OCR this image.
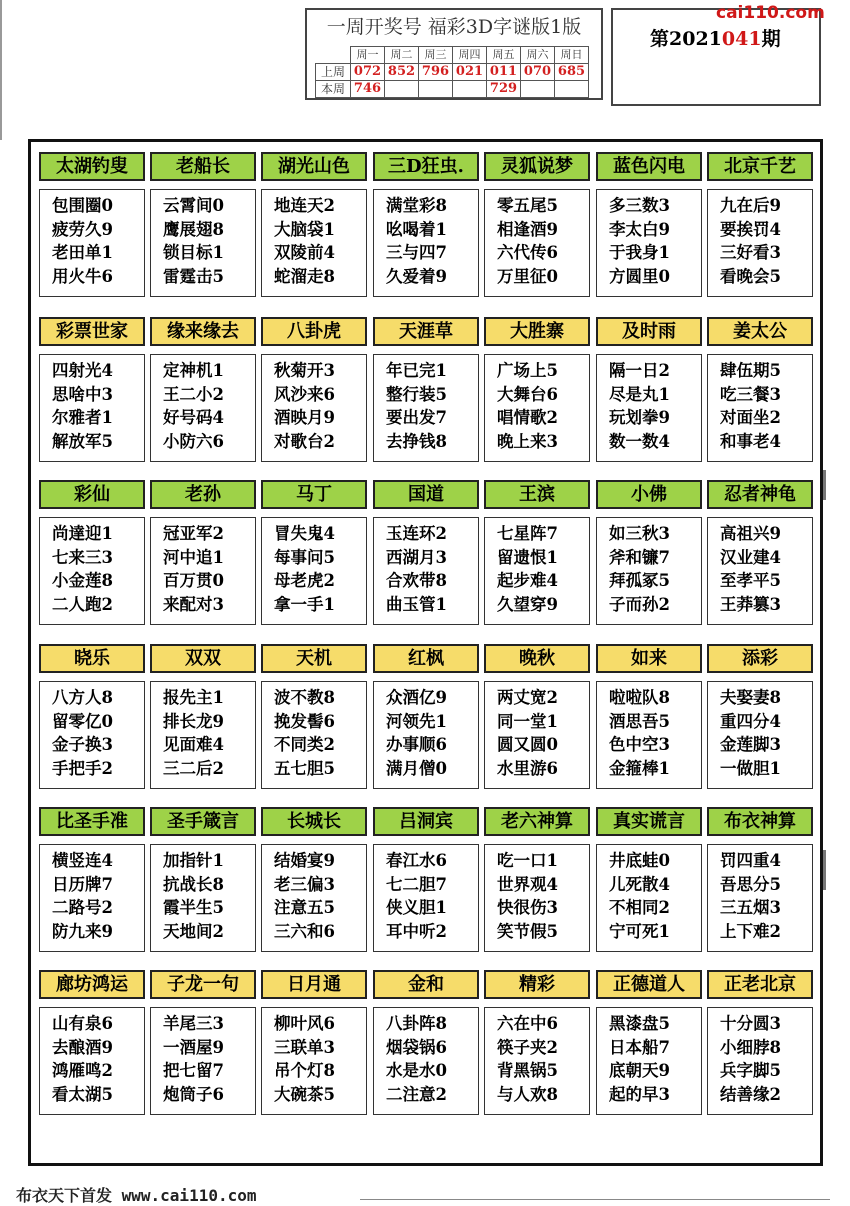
一周开奖号 福彩3D字谜版1版
	周一	周二	周三	周四	周五	周六	周日
上周	072	852	796	021	011	070	685
本周	746				729		
第2021041期
cai110.com
太湖钓叟
包围圈0
疲劳久9
老田单1
用火牛6
老船长
云霄间0
鹰展翅8
锁目标1
雷霆击5
湖光山色
地连天2
大脑袋1
双陵前4
蛇溜走8
三D狂虫.
满堂彩8
吆喝着1
三与四7
久爱着9
灵狐说梦
零五尾5
相逢酒9
六代传6
万里征0
蓝色闪电
多三数3
李太白9
于我身1
方圆里0
北京千艺
九在后9
要挨罚4
三好看3
看晚会5
彩票世家
四射光4
思啥中3
尔雅者1
解放军5
缘来缘去
定神机1
王二小2
好号码4
小防六6
八卦虎
秋菊开3
风沙来6
酒映月9
对歌台2
天涯草
年已完1
整行装5
要出发7
去挣钱8
大胜寨
广场上5
大舞台6
唱情歌2
晚上来3
及时雨
隔一日2
尽是丸1
玩划拳9
数一数4
姜太公
肆伍期5
吃三餐3
对面坐2
和事老4
彩仙
尚達迎1
七来三3
小金莲8
二人跑2
老孙
冠亚军2
河中追1
百万贯0
来配对3
马丁
冒失鬼4
每事问5
母老虎2
拿一手1
国道
玉连环2
西湖月3
合欢带8
曲玉管1
王滨
七星阵7
留遗恨1
起步难4
久望穿9
小佛
如三秋3
斧和镰7
拜孤冢5
子而孙2
忍者神龟
高祖兴9
汉业建4
至孝平5
王莽篡3
晓乐
八方人8
留零亿0
金子换3
手把手2
双双
报先主1
排长龙9
见面难4
三二后2
天机
波不教8
挽发髻6
不同类2
五七胆5
红枫
众酒亿9
河领先1
办事顺6
满月僧0
晚秋
两丈宽2
同一堂1
圆又圆0
水里游6
如来
啦啦队8
酒思吾5
色中空3
金箍棒1
添彩
夫娶妻8
重四分4
金莲脚3
一做胆1
比圣手准
横竖连4
日历牌7
二路号2
防九来9
圣手箴言
加指针1
抗战长8
霞半生5
天地间2
长城长
结婚宴9
老三偏3
注意五5
三六和6
吕洞宾
春江水6
七二胆7
侠义胆1
耳中听2
老六神算
吃一口1
世界观4
快很伤3
笑节假5
真实谎言
井底蛙0
儿死散4
不相同2
宁可死1
布衣神算
罚四重4
吾思分5
三五烟3
上下难2
廊坊鸿运
山有泉6
去酿酒9
鸿雁鸣2
看太湖5
子龙一句
羊尾三3
一酒屋9
把七留7
炮筒子6
日月通
柳叶风6
三联单3
吊个灯8
大碗茶5
金和
八卦阵8
烟袋锅6
水是水0
二注意2
精彩
六在中6
筷子夹2
背黑锅5
与人欢8
正德道人
黑漆盘5
日本船7
底朝天9
起的早3
正老北京
十分圆3
小细脖8
兵字脚5
结善缘2
布衣天下首发 www.cai110.com
